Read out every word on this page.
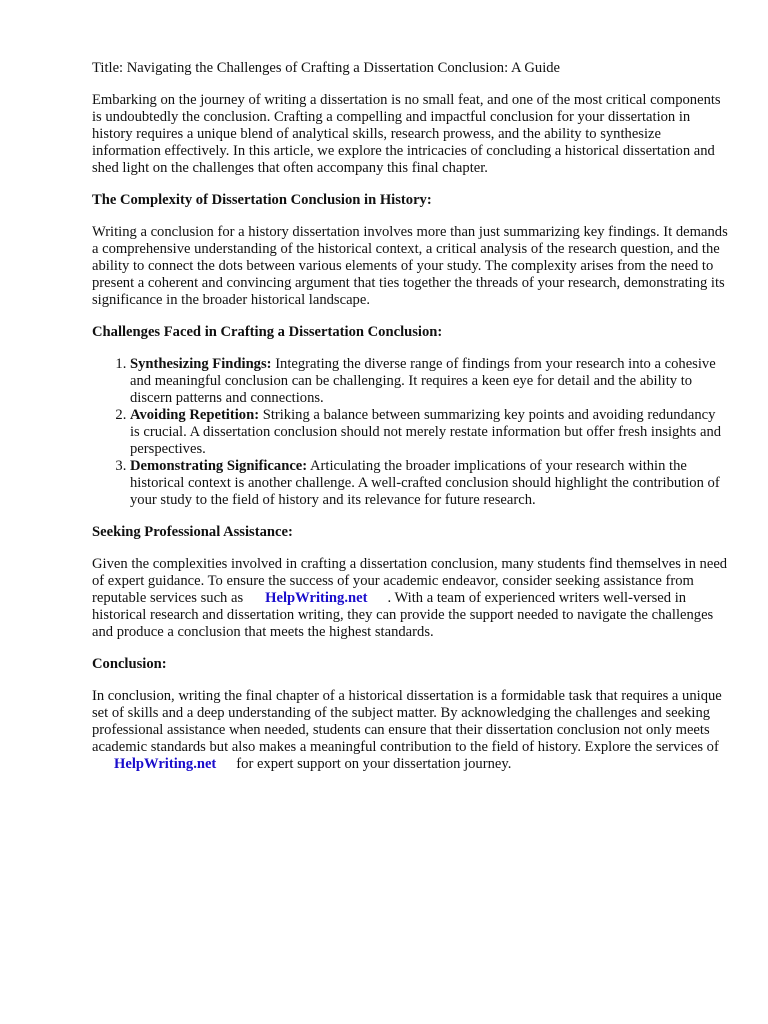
Title: Navigating the Challenges of Crafting a Dissertation Conclusion: A Guide

Embarking on the journey of writing a dissertation is no small feat, and one of the most critical components is undoubtedly the conclusion. Crafting a compelling and impactful conclusion for your dissertation in history requires a unique blend of analytical skills, research prowess, and the ability to synthesize information effectively. In this article, we explore the intricacies of concluding a historical dissertation and shed light on the challenges that often accompany this final chapter.

The Complexity of Dissertation Conclusion in History:

Writing a conclusion for a history dissertation involves more than just summarizing key findings. It demands a comprehensive understanding of the historical context, a critical analysis of the research question, and the ability to connect the dots between various elements of your study. The complexity arises from the need to present a coherent and convincing argument that ties together the threads of your research, demonstrating its significance in the broader historical landscape.

Challenges Faced in Crafting a Dissertation Conclusion:

1. Synthesizing Findings: Integrating the diverse range of findings from your research into a cohesive and meaningful conclusion can be challenging. It requires a keen eye for detail and the ability to discern patterns and connections.
2. Avoiding Repetition: Striking a balance between summarizing key points and avoiding redundancy is crucial. A dissertation conclusion should not merely restate information but offer fresh insights and perspectives.
3. Demonstrating Significance: Articulating the broader implications of your research within the historical context is another challenge. A well-crafted conclusion should highlight the contribution of your study to the field of history and its relevance for future research.

Seeking Professional Assistance:

Given the complexities involved in crafting a dissertation conclusion, many students find themselves in need of expert guidance. To ensure the success of your academic endeavor, consider seeking assistance from reputable services such as HelpWriting.net . With a team of experienced writers well-versed in historical research and dissertation writing, they can provide the support needed to navigate the challenges and produce a conclusion that meets the highest standards.

Conclusion:

In conclusion, writing the final chapter of a historical dissertation is a formidable task that requires a unique set of skills and a deep understanding of the subject matter. By acknowledging the challenges and seeking professional assistance when needed, students can ensure that their dissertation conclusion not only meets academic standards but also makes a meaningful contribution to the field of history. Explore the services ofHelpWriting.net for expert support on your dissertation journey.
